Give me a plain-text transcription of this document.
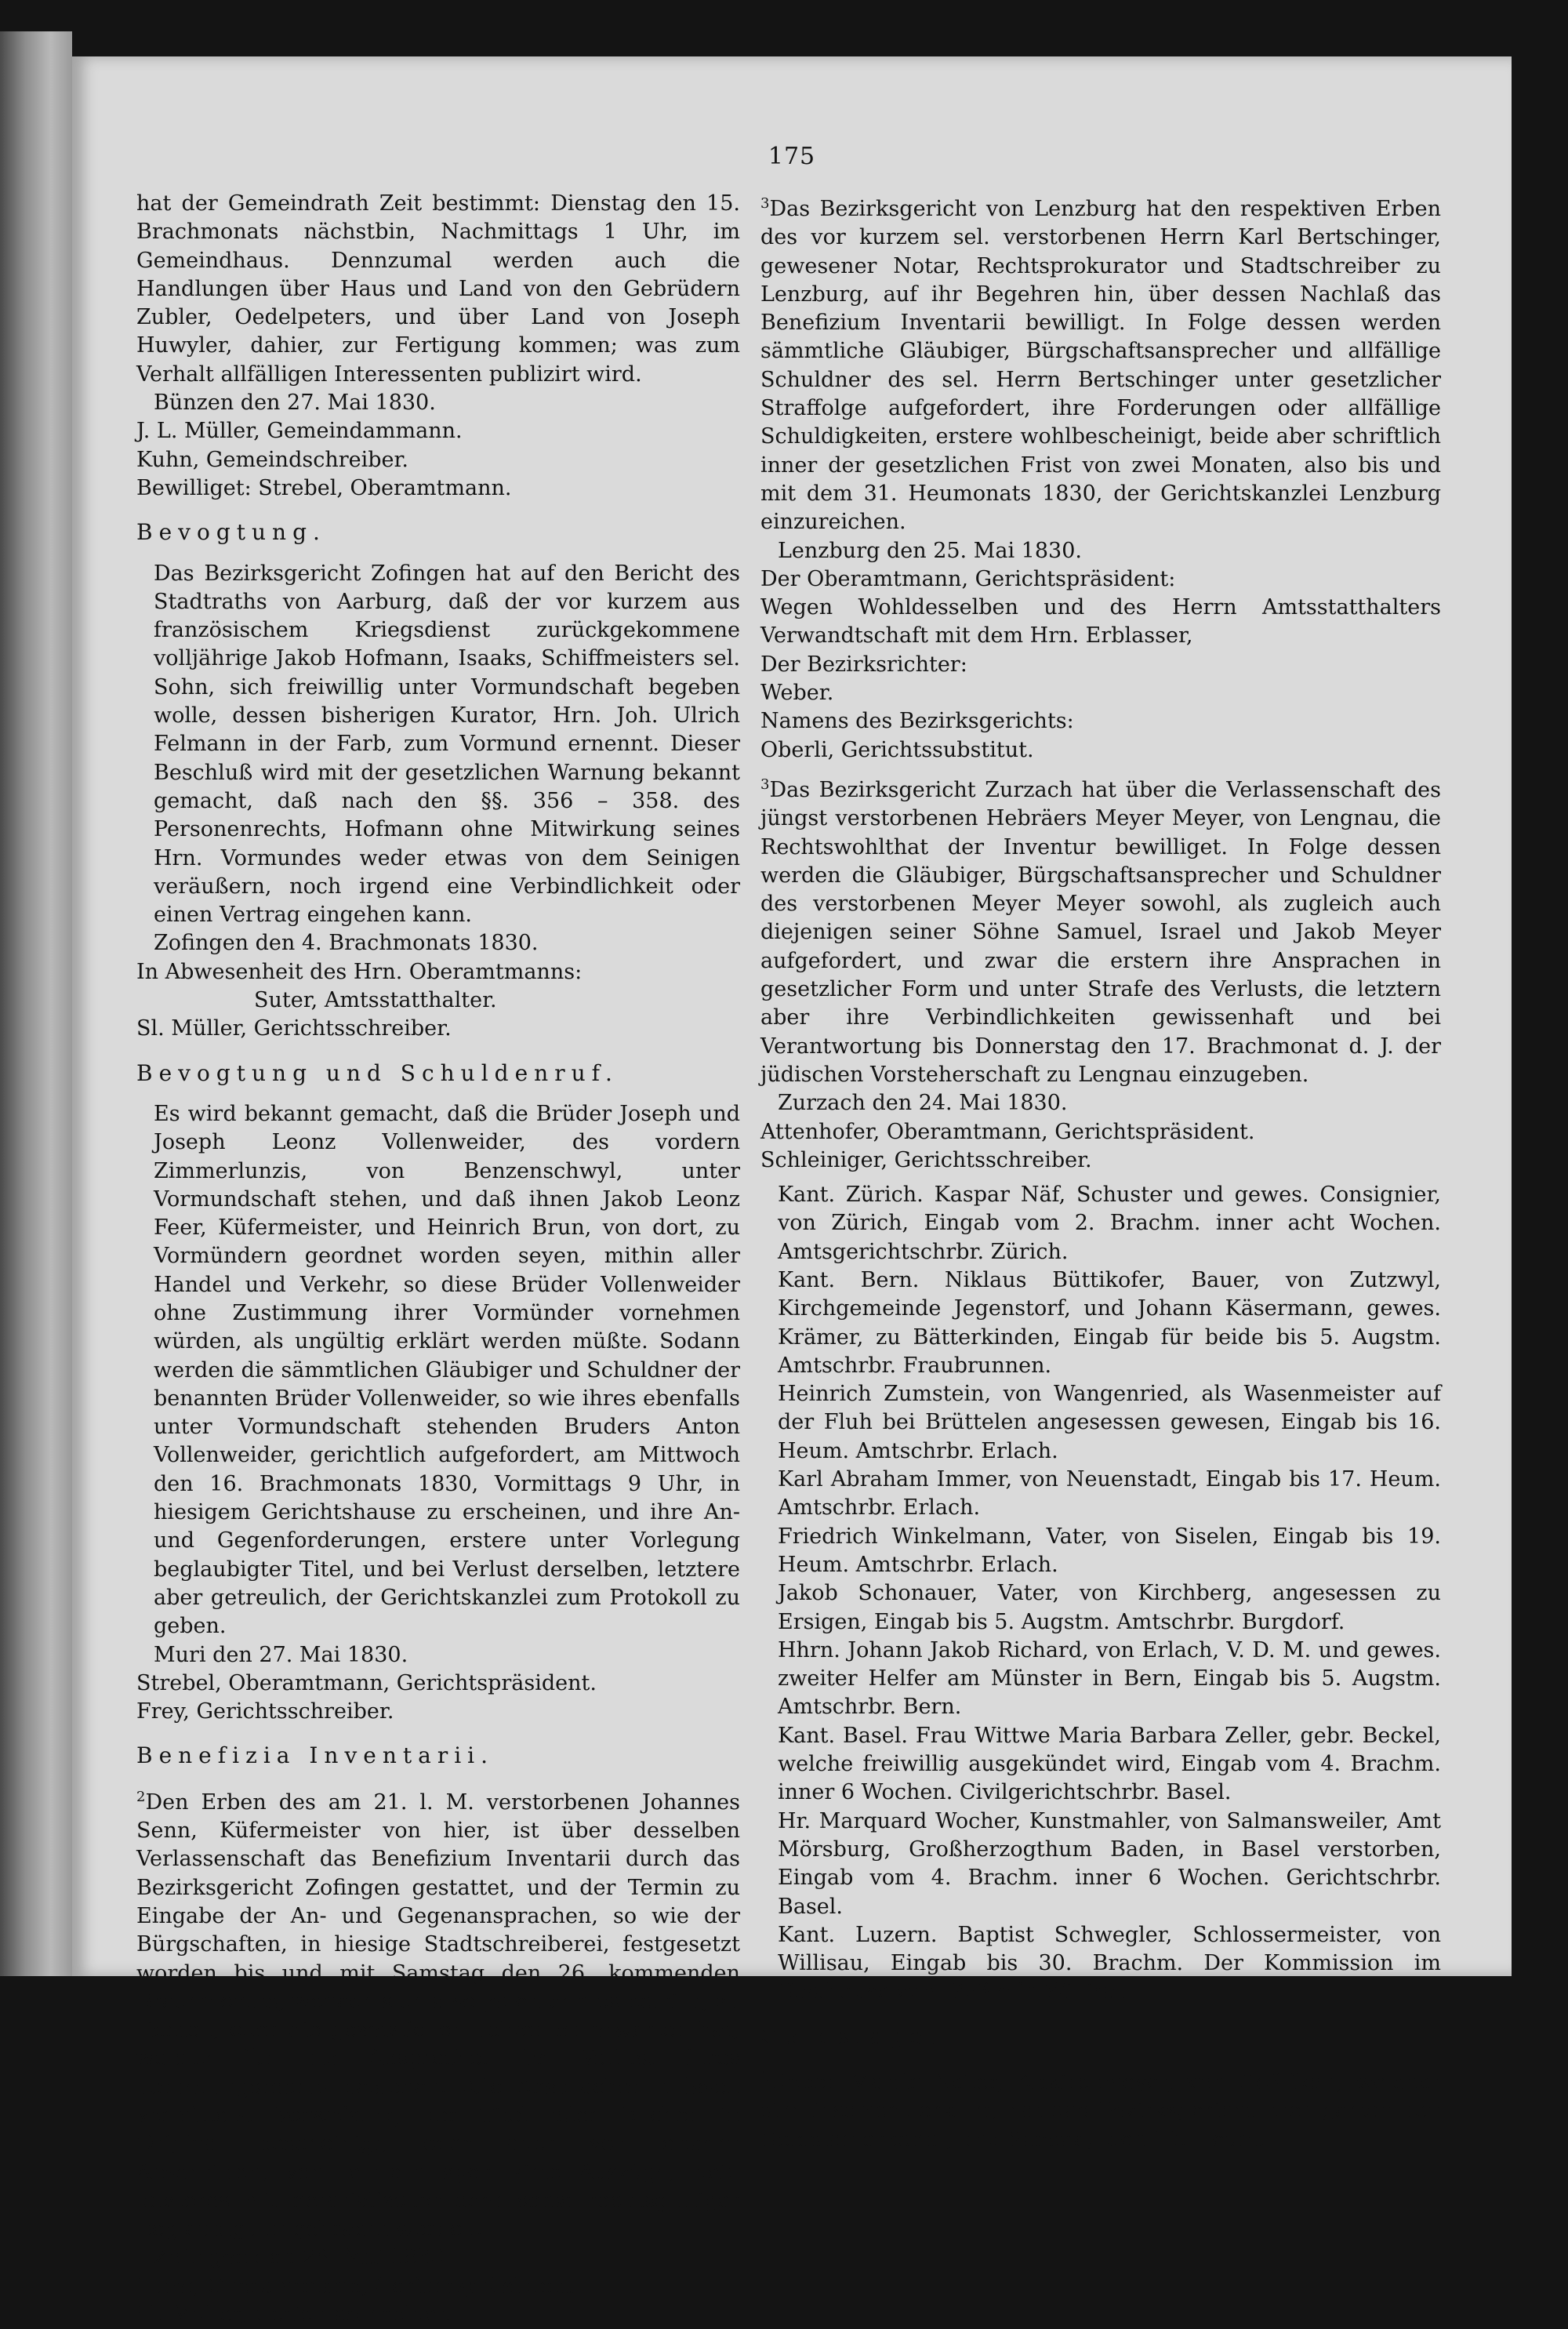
175

hat der Gemeindrath Zeit bestimmt: Dienstag den 15. Brachmonats nächstbin, Nachmittags 1 Uhr, im Gemeindhaus. Dennzumal werden auch die Handlungen über Haus und Land von den Gebrüdern Zubler, Oedelpeters, und über Land von Joseph Huwyler, dahier, zur Fertigung kommen; was zum Verhalt allfälligen Interessenten publizirt wird.

Bünzen den 27. Mai 1830.

J. L. Müller, Gemeindammann.

Kuhn, Gemeindschreiber.

Bewilliget: Strebel, Oberamtmann.

Bevogtung.

Das Bezirksgericht Zofingen hat auf den Bericht des Stadtraths von Aarburg, daß der vor kurzem aus französischem Kriegsdienst zurückgekommene volljährige Jakob Hofmann, Isaaks, Schiffmeisters sel. Sohn, sich freiwillig unter Vormundschaft begeben wolle, dessen bisherigen Kurator, Hrn. Joh. Ulrich Felmann in der Farb, zum Vormund ernennt. Dieser Beschluß wird mit der gesetzlichen Warnung bekannt gemacht, daß nach den §§. 356 – 358. des Personenrechts, Hofmann ohne Mitwirkung seines Hrn. Vormundes weder etwas von dem Seinigen veräußern, noch irgend eine Verbindlichkeit oder einen Vertrag eingehen kann.

Zofingen den 4. Brachmonats 1830.

In Abwesenheit des Hrn. Oberamtmanns:

Suter, Amtsstatthalter.

Sl. Müller, Gerichtsschreiber.

Bevogtung und Schuldenruf.

Es wird bekannt gemacht, daß die Brüder Joseph und Joseph Leonz Vollenweider, des vordern Zimmerlunzis, von Benzenschwyl, unter Vormundschaft stehen, und daß ihnen Jakob Leonz Feer, Küfermeister, und Heinrich Brun, von dort, zu Vormündern geordnet worden seyen, mithin aller Handel und Verkehr, so diese Brüder Vollenweider ohne Zustimmung ihrer Vormünder vornehmen würden, als ungültig erklärt werden müßte. Sodann werden die sämmtlichen Gläubiger und Schuldner der benannten Brüder Vollenweider, so wie ihres ebenfalls unter Vormundschaft stehenden Bruders Anton Vollenweider, gerichtlich aufgefordert, am Mittwoch den 16. Brachmonats 1830, Vormittags 9 Uhr, in hiesigem Gerichtshause zu erscheinen, und ihre An- und Gegenforderungen, erstere unter Vorlegung beglaubigter Titel, und bei Verlust derselben, letztere aber getreulich, der Gerichtskanzlei zum Protokoll zu geben.

Muri den 27. Mai 1830.

Strebel, Oberamtmann, Gerichtspräsident.

Frey, Gerichtsschreiber.

Benefizia Inventarii.

$^2$Den Erben des am 21. l. M. verstorbenen Johannes Senn, Küfermeister von hier, ist über desselben Verlassenschaft das Benefizium Inventarii durch das Bezirksgericht Zofingen gestattet, und der Termin zu Eingabe der An- und Gegenansprachen, so wie der Bürgschaften, in hiesige Stadtschreiberei, festgesetzt worden bis und mit Samstag den 26. kommenden Brachmonats, wonach sich also jeder, den es betrifft, zu richten, oder die gesetzlichen Folgen zu erwarten hat, welche für die Ansprecher im Verlust ihres Forderungsrechts bestehen. Alle Ansprachen müssen vermittelst Vorweisung der Titel oder Bücher in Original bescheinigt, oder aber von erstern Abschriften, von letztern spezifizirte Auszüge, beid letzteres mit notarialischer oder sonst rechtsgültiger Beglaubigung gebracht werden.

Zofingen den 28. Mai 1830.

Suter, Oberamtmann, Gerichtspräsident.

Sl. Müller, Gerichtsschreiber.

$^3$Das Bezirksgericht von Lenzburg hat den respektiven Erben des vor kurzem sel. verstorbenen Herrn Karl Bertschinger, gewesener Notar, Rechtsprokurator und Stadtschreiber zu Lenzburg, auf ihr Begehren hin, über dessen Nachlaß das Benefizium Inventarii bewilligt. In Folge dessen werden sämmtliche Gläubiger, Bürgschaftsansprecher und allfällige Schuldner des sel. Herrn Bertschinger unter gesetzlicher Straffolge aufgefordert, ihre Forderungen oder allfällige Schuldigkeiten, erstere wohlbescheinigt, beide aber schriftlich inner der gesetzlichen Frist von zwei Monaten, also bis und mit dem 31. Heumonats 1830, der Gerichtskanzlei Lenzburg einzureichen.

Lenzburg den 25. Mai 1830.

Der Oberamtmann, Gerichtspräsident:

Wegen Wohldesselben und des Herrn Amtsstatthalters Verwandtschaft mit dem Hrn. Erblasser,

Der Bezirksrichter:

Weber.

Namens des Bezirksgerichts:

Oberli, Gerichtssubstitut.

$^3$Das Bezirksgericht Zurzach hat über die Verlassenschaft des jüngst verstorbenen Hebräers Meyer Meyer, von Lengnau, die Rechtswohlthat der Inventur bewilliget. In Folge dessen werden die Gläubiger, Bürgschaftsansprecher und Schuldner des verstorbenen Meyer Meyer sowohl, als zugleich auch diejenigen seiner Söhne Samuel, Israel und Jakob Meyer aufgefordert, und zwar die erstern ihre Ansprachen in gesetzlicher Form und unter Strafe des Verlusts, die letztern aber ihre Verbindlichkeiten gewissenhaft und bei Verantwortung bis Donnerstag den 17. Brachmonat d. J. der jüdischen Vorsteherschaft zu Lengnau einzugeben.

Zurzach den 24. Mai 1830.

Attenhofer, Oberamtmann, Gerichtspräsident.

Schleiniger, Gerichtsschreiber.

Kant. Zürich. Kaspar Näf, Schuster und gewes. Consignier, von Zürich, Eingab vom 2. Brachm. inner acht Wochen. Amtsgerichtschrbr. Zürich.

Kant. Bern. Niklaus Büttikofer, Bauer, von Zutzwyl, Kirchgemeinde Jegenstorf, und Johann Käsermann, gewes. Krämer, zu Bätterkinden, Eingab für beide bis 5. Augstm. Amtschrbr. Fraubrunnen.

Heinrich Zumstein, von Wangenried, als Wasenmeister auf der Fluh bei Brüttelen angesessen gewesen, Eingab bis 16. Heum. Amtschrbr. Erlach.

Karl Abraham Immer, von Neuenstadt, Eingab bis 17. Heum. Amtschrbr. Erlach.

Friedrich Winkelmann, Vater, von Siselen, Eingab bis 19. Heum. Amtschrbr. Erlach.

Jakob Schonauer, Vater, von Kirchberg, angesessen zu Ersigen, Eingab bis 5. Augstm. Amtschrbr. Burgdorf.

Hhrn. Johann Jakob Richard, von Erlach, V. D. M. und gewes. zweiter Helfer am Münster in Bern, Eingab bis 5. Augstm. Amtschrbr. Bern.

Kant. Basel. Frau Wittwe Maria Barbara Zeller, gebr. Beckel, welche freiwillig ausgekündet wird, Eingab vom 4. Brachm. inner 6 Wochen. Civilgerichtschrbr. Basel.

Hr. Marquard Wocher, Kunstmahler, von Salmansweiler, Amt Mörsburg, Großherzogthum Baden, in Basel verstorben, Eingab vom 4. Brachm. inner 6 Wochen. Gerichtschrbr. Basel.

Kant. Luzern. Baptist Schwegler, Schlossermeister, von Willisau, Eingab bis 30. Brachm. Der Kommission im Gasthause zum Rößle in Willisau.

Geldstage.

$^1$Ueber Martin Seiler, Altkirchmeyer, von Gößlikon, welcher sich insolvent erklärt, hat das Bezirksgericht Bremgarten den Geldstag erkennt, und Samstag den 10. Heum.
